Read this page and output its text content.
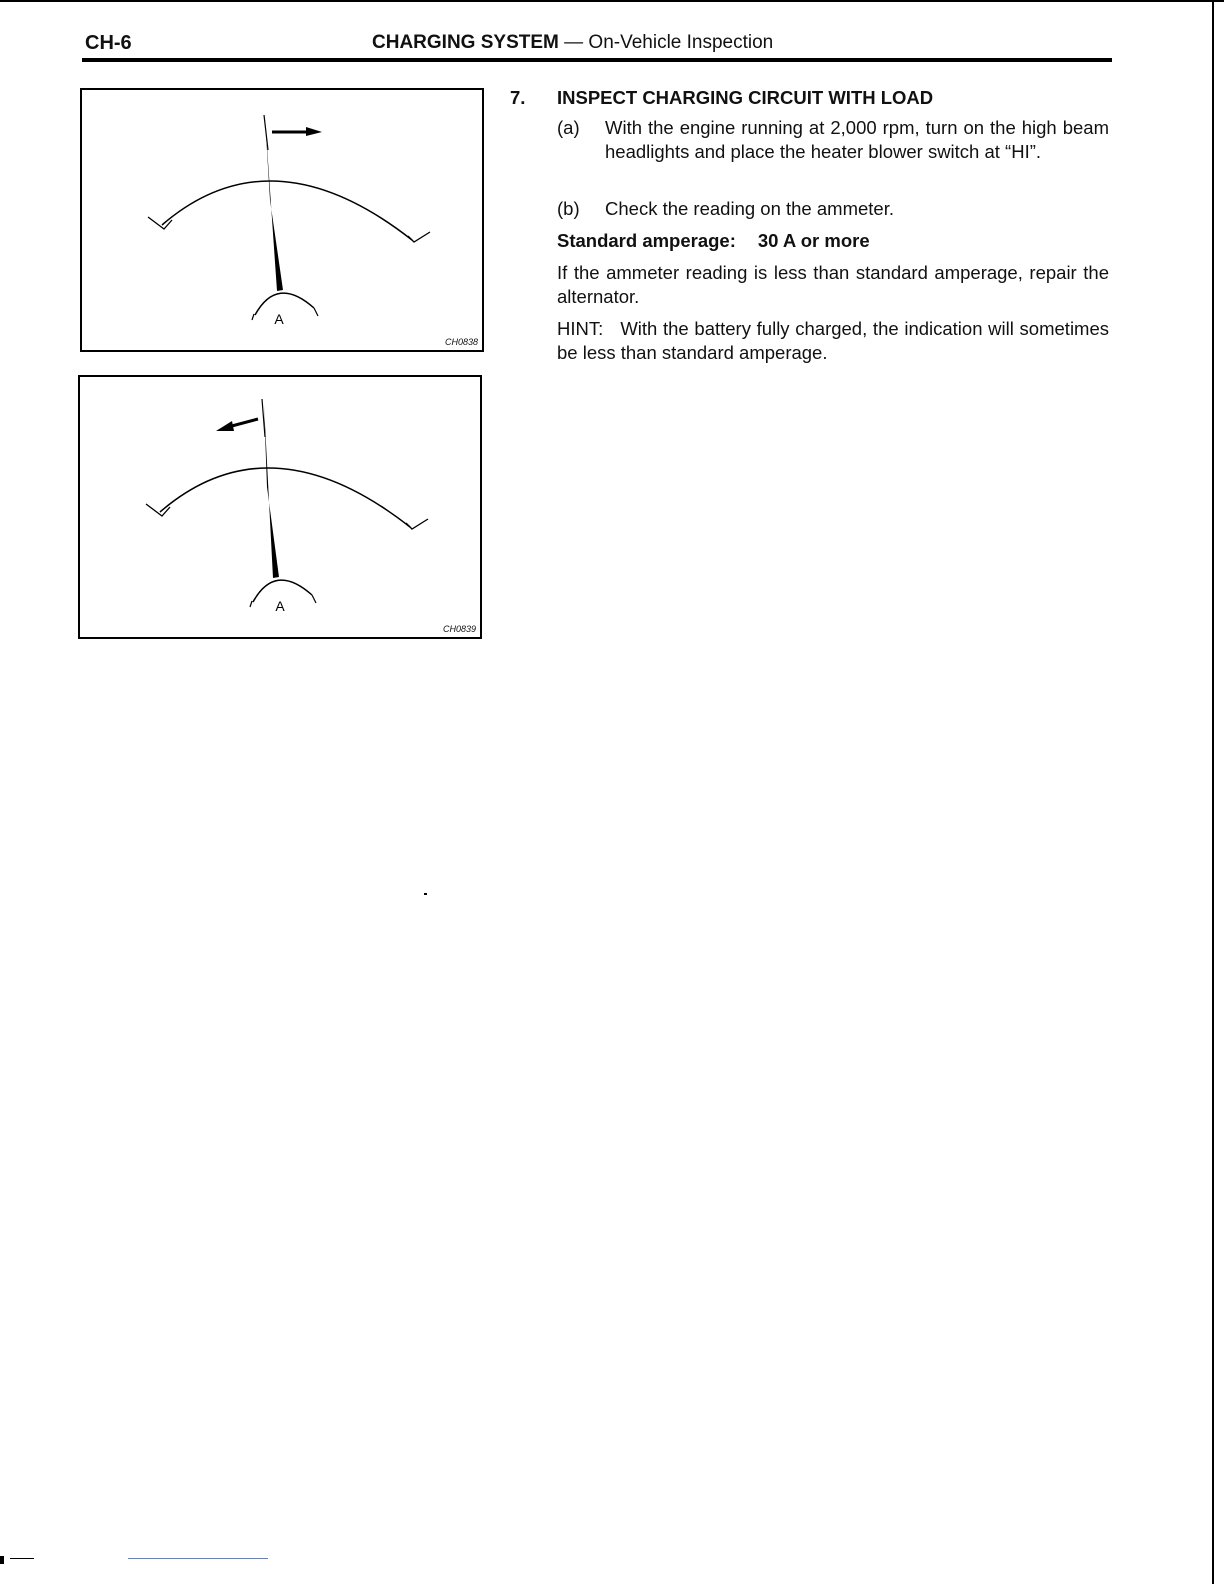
CH-6	CHARGING SYSTEM — On-Vehicle Inspection
A
CH0838
A
CH0839
7. INSPECT CHARGING CIRCUIT WITH LOAD
(a) With the engine running at 2,000 rpm, turn on the high beam headlights and place the heater blower switch at “HI”.
(b) Check the reading on the ammeter.
Standard amperage: 30 A or more
If the ammeter reading is less than standard amperage, repair the alternator.
HINT:   With the battery fully charged, the indication will sometimes be less than standard amperage.
